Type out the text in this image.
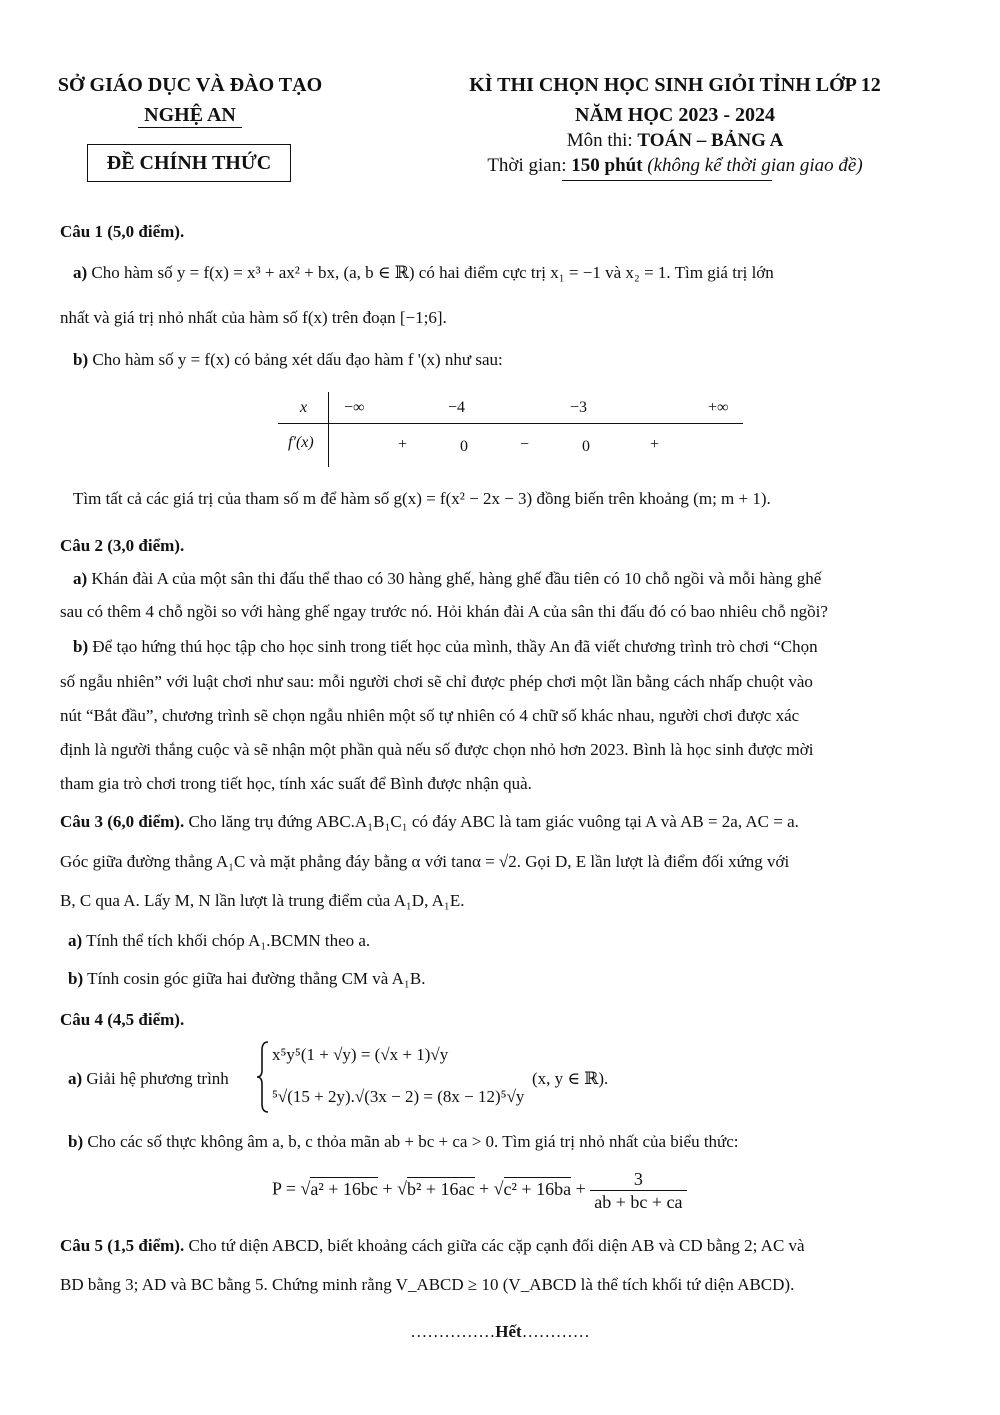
SỞ GIÁO DỤC VÀ ĐÀO TẠO
NGHỆ AN
ĐỀ CHÍNH THỨC
KÌ THI CHỌN HỌC SINH GIỎI TỈNH LỚP 12
NĂM HỌC 2023 - 2024
Môn thi: TOÁN – BẢNG A
Thời gian: 150 phút (không kể thời gian giao đề)
Câu 1 (5,0 điểm).
a) Cho hàm số y = f(x) = x³ + ax² + bx, (a, b ∈ ℝ) có hai điểm cực trị x₁ = −1 và x₂ = 1. Tìm giá trị lớn
nhất và giá trị nhỏ nhất của hàm số f(x) trên đoạn [−1;6].
b) Cho hàm số y = f(x) có bảng xét dấu đạo hàm f '(x) như sau:
x −∞	−4	−3	+∞
f′(x)	+	0	−	0	+
Tìm tất cả các giá trị của tham số m để hàm số g(x) = f(x² − 2x − 3) đồng biến trên khoảng (m; m + 1).
Câu 2 (3,0 điểm).
a) Khán đài A của một sân thi đấu thể thao có 30 hàng ghế, hàng ghế đầu tiên có 10 chỗ ngồi và mỗi hàng ghế
sau có thêm 4 chỗ ngồi so với hàng ghế ngay trước nó. Hỏi khán đài A của sân thi đấu đó có bao nhiêu chỗ ngồi?
b) Để tạo hứng thú học tập cho học sinh trong tiết học của mình, thầy An đã viết chương trình trò chơi “Chọn
số ngẫu nhiên” với luật chơi như sau: mỗi người chơi sẽ chỉ được phép chơi một lần bằng cách nhấp chuột vào
nút “Bắt đầu”, chương trình sẽ chọn ngẫu nhiên một số tự nhiên có 4 chữ số khác nhau, người chơi được xác
định là người thắng cuộc và sẽ nhận một phần quà nếu số được chọn nhỏ hơn 2023. Bình là học sinh được mời
tham gia trò chơi trong tiết học, tính xác suất để Bình được nhận quà.
Câu 3 (6,0 điểm). Cho lăng trụ đứng ABC.A₁B₁C₁ có đáy ABC là tam giác vuông tại A và AB = 2a, AC = a.
Góc giữa đường thẳng A₁C và mặt phẳng đáy bằng α với tanα = √2. Gọi D, E lần lượt là điểm đối xứng với
B, C qua A. Lấy M, N lần lượt là trung điểm của A₁D, A₁E.
a) Tính thể tích khối chóp A₁.BCMN theo a.
b) Tính cosin góc giữa hai đường thẳng CM và A₁B.
Câu 4 (4,5 điểm).
a) Giải hệ phương trình
x⁵y⁵(1 + √y) = (√x + 1)√y
⁵√(15 + 2y).√(3x − 2) = (8x − 12)⁵√y
(x, y ∈ ℝ).
b) Cho các số thực không âm a, b, c thỏa mãn ab + bc + ca > 0. Tìm giá trị nhỏ nhất của biểu thức:
$P = √a^2 + 16bc + √b^2 + 16ac + √c^2 + 16ba + \frac{3}{ab + bc + ca}$
Câu 5 (1,5 điểm). Cho tứ diện ABCD, biết khoảng cách giữa các cặp cạnh đối diện AB và CD bằng 2; AC và
BD bằng 3; AD và BC bằng 5. Chứng minh rằng V_ABCD ≥ 10 (V_ABCD là thể tích khối tứ diện ABCD).
……………Hết…………
